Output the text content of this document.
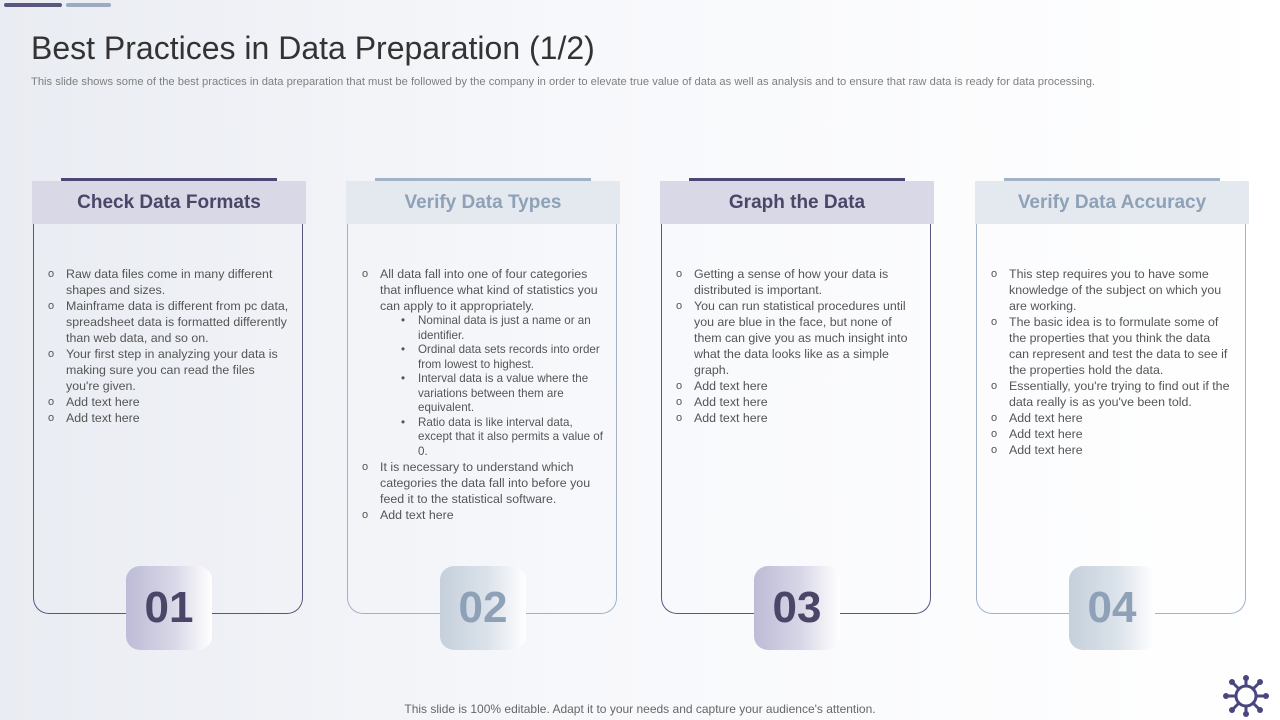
Best Practices in Data Preparation (1/2)

This slide shows some of the best practices in data preparation that must be followed by the company in order to elevate true value of data as well as analysis and to ensure that raw data is ready for data processing.

Check Data Formats
o Raw data files come in many different shapes and sizes.
o Mainframe data is different from pc data, spreadsheet data is formatted differently than web data, and so on.
o Your first step in analyzing your data is making sure you can read the files you're given.
o Add text here
o Add text here
01
Verify Data Types
o All data fall into one of four categories that influence what kind of statistics you can apply to it appropriately.
• Nominal data is just a name or an identifier.
• Ordinal data sets records into order from lowest to highest.
• Interval data is a value where the variations between them are equivalent.
• Ratio data is like interval data, except that it also permits a value of 0.
o It is necessary to understand which categories the data fall into before you feed it to the statistical software.
o Add text here
02
Graph the Data
o Getting a sense of how your data is distributed is important.
o You can run statistical procedures until you are blue in the face, but none of them can give you as much insight into what the data looks like as a simple graph.
o Add text here
o Add text here
o Add text here
03
Verify Data Accuracy
o This step requires you to have some knowledge of the subject on which you are working.
o The basic idea is to formulate some of the properties that you think the data can represent and test the data to see if the properties hold the data.
o Essentially, you're trying to find out if the data really is as you've been told.
o Add text here
o Add text here
o Add text here
04
This slide is 100% editable. Adapt it to your needs and capture your audience's attention.
